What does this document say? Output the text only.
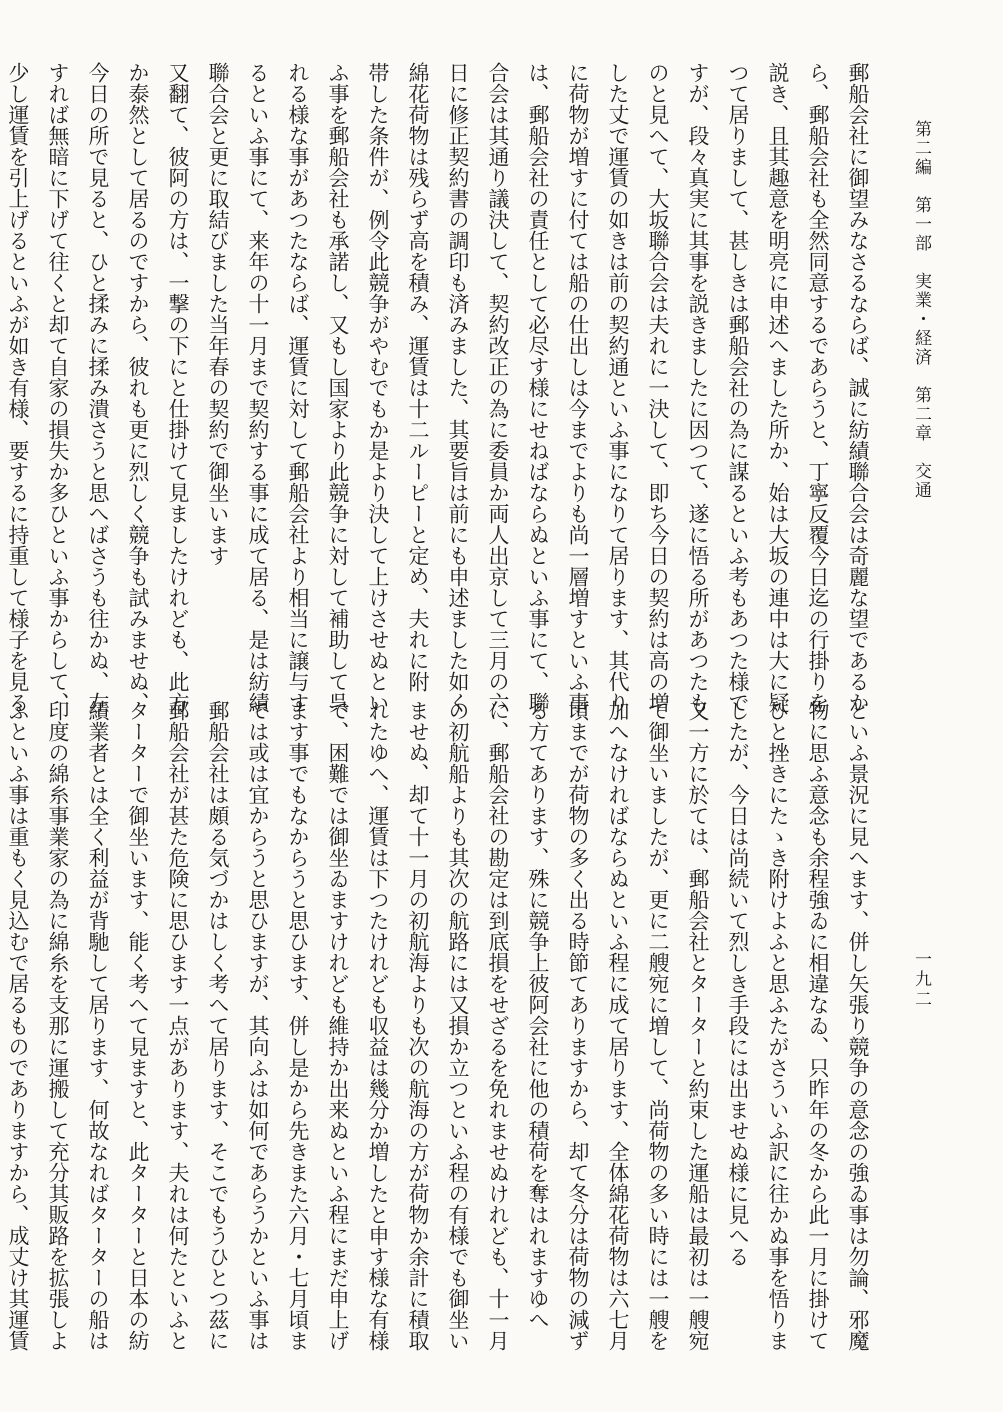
第二編　第一部　実業・経済　第二章　交通
一九二
郵船会社に御望みなさるならば、誠に紡績聯合会は奇麗な望であるか
ら、郵船会社も全然同意するであらうと、丁寧反覆今日迄の行掛りを
説き、且其趣意を明亮に申述へました所か、始は大坂の連中は大に疑
つて居りまして、甚しきは郵船会社の為に謀るといふ考もあつた様で
すが、段々真実に其事を説きましたに因つて、遂に悟る所があつたも
のと見へて、大坂聯合会は夫れに一決して、即ち今日の契約は高の増
した丈で運賃の如きは前の契約通といふ事になりて居ります、其代り
に荷物が増すに付ては船の仕出しは今までよりも尚一層増すといふ事
は、郵船会社の責任として必尽す様にせねばならぬといふ事にて、聯
合会は其通り議決して、契約改正の為に委員か両人出京して三月の六
日に修正契約書の調印も済みました、其要旨は前にも申述ました如く
綿花荷物は残らず高を積み、運賃は十二ルーピーと定め、夫れに附
帯した条件が、例令此競争がやむでもか是より決して上けさせぬとい
ふ事を郵船会社も承諾し、又もし国家より此競争に対して補助して呉
れる様な事があつたならば、運賃に対して郵船会社より相当に譲与す
るといふ事にて、来年の十一月まで契約する事に成て居る、是は紡績
聯合会と更に取結びました当年春の契約で御坐います
又翻て、彼阿の方は、一撃の下にと仕掛けて見ましたけれども、此方
か泰然として居るのですから、彼れも更に烈しく競争も試みませぬ、
今日の所で見ると、ひと揉みに揉み潰さうと思へばさうも往かぬ、左
すれば無暗に下げて往くと却て自家の損失か多ひといふ事からして、
少し運賃を引上げるといふが如き有様、要するに持重して様子を見る
といふ景況に見へます、併し矢張り競争の意念の強ゐ事は勿論、邪魔
物に思ふ意念も余程強ゐに相違なゐ、只昨年の冬から此一月に掛けて
ひと挫きにたゝき附けよふと思ふたがさういふ訳に往かぬ事を悟りま
したが、今日は尚続いて烈しき手段には出ませぬ様に見へる
又一方に於ては、郵船会社とターターと約束した運船は最初は一艘宛
て御坐いましたが、更に二艘宛に増して、尚荷物の多い時には一艘を
加へなければならぬといふ程に成て居ります、全体綿花荷物は六七月
頃までが荷物の多く出る時節てありますから、却て冬分は荷物の減ず
る方てあります、殊に競争上彼阿会社に他の積荷を奪はれますゆへ
に、郵船会社の勘定は到底損をせざるを免れませぬけれども、十一月
の初航船よりも其次の航路には又損か立つといふ程の有様でも御坐い
ませぬ、却て十一月の初航海よりも次の航海の方が荷物か余計に積取
れたゆへ、運賃は下つたけれども収益は幾分か増したと申す様な有様
で、困難では御坐ゐますけれども維持か出来ぬといふ程にまだ申上げ
ます事でもなからうと思ひます、併し是から先きまた六月・七月頃ま
では或は宜からうと思ひますが、其向ふは如何であらうかといふ事は
郵船会社は頗る気づかはしく考へて居ります、そこでもうひとつ茲に
郵船会社が甚た危険に思ひます一点があります、夫れは何たといふと
ターターで御坐います、能く考へて見ますと、此ターターと日本の紡
績業者とは全く利益が背馳して居ります、何故なればターターの船は
印度の綿糸事業家の為に綿糸を支那に運搬して充分其販路を拡張しよ
ふといふ事は重もく見込むで居るものでありますから、成丈け其運賃
